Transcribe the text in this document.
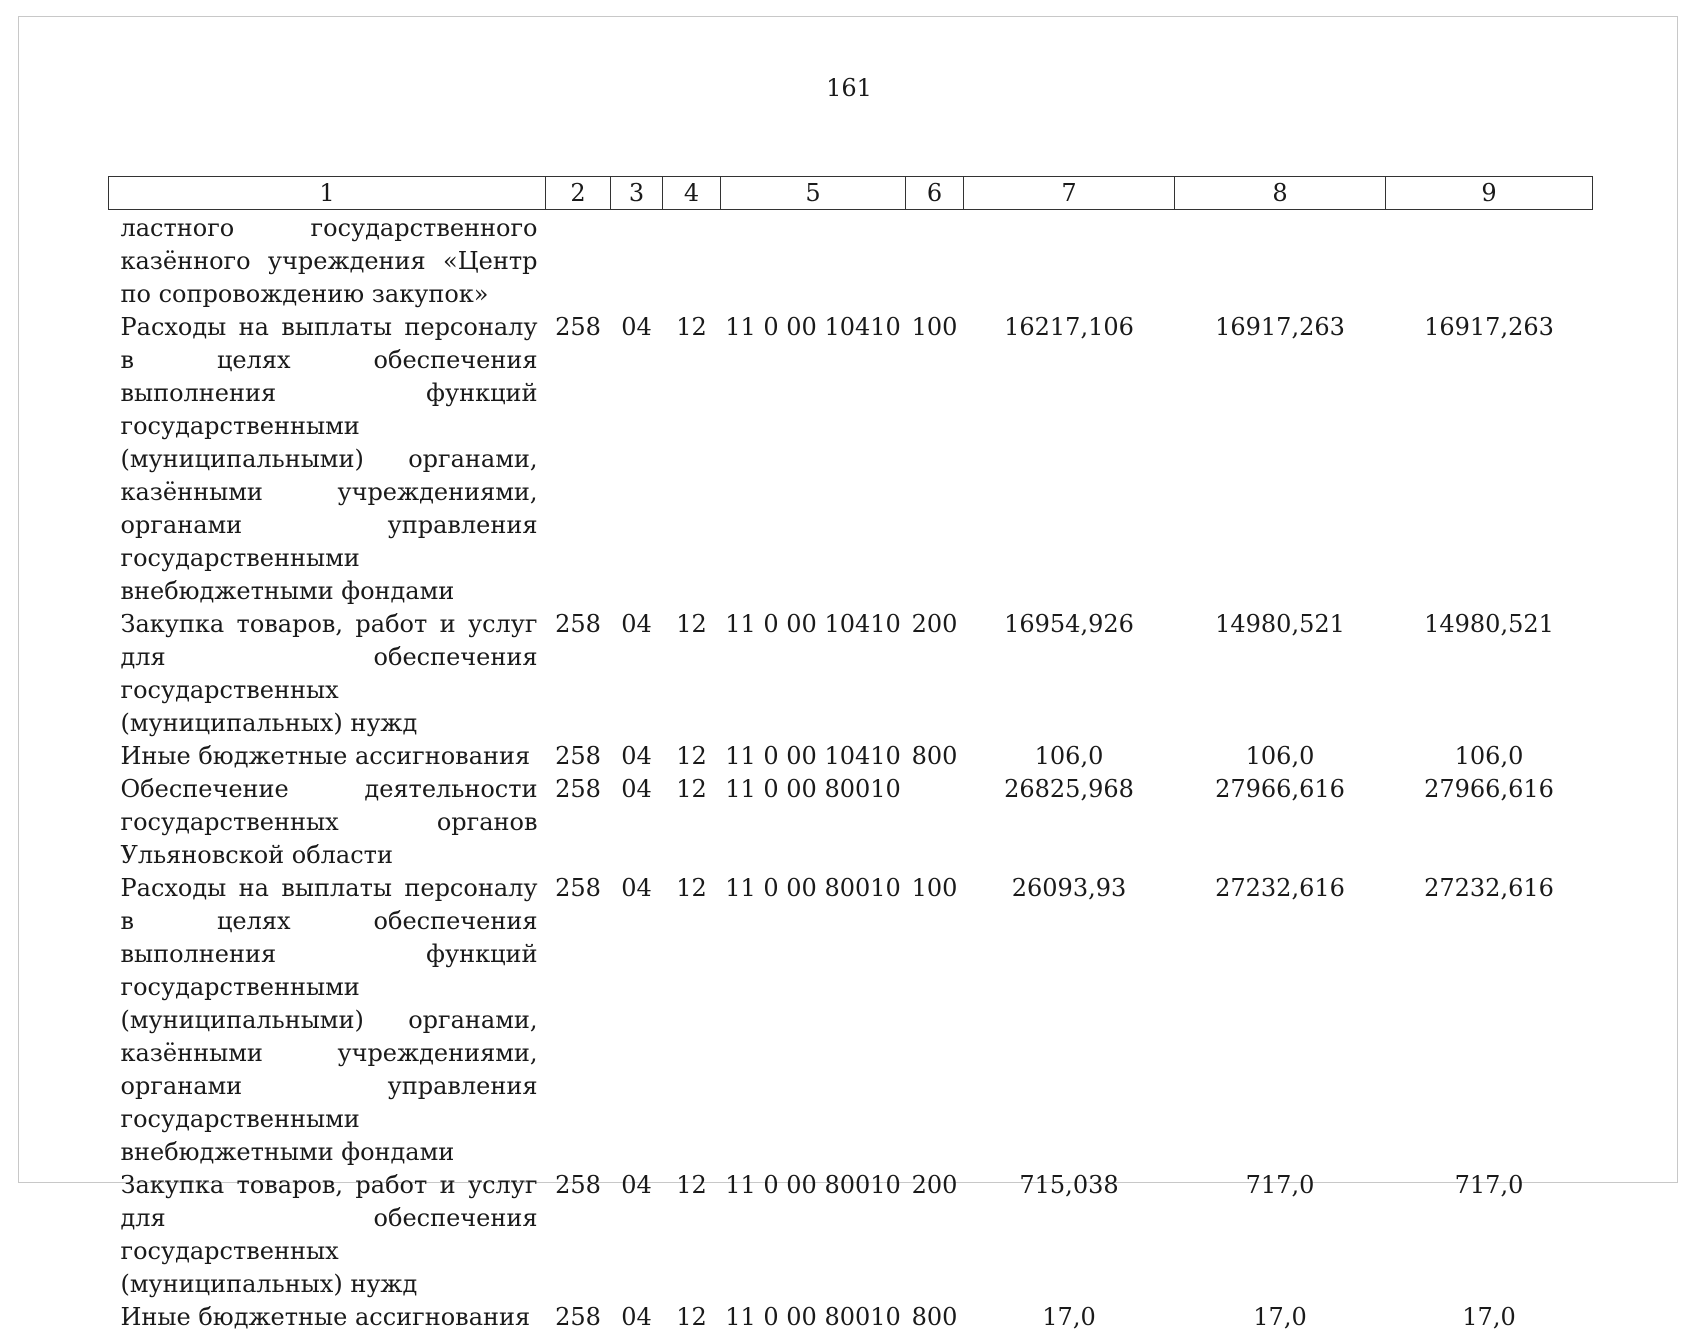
161
1	2	3	4	5	6	7	8	9
ластного государственного казённого учреждения «Центр по сопровождению закупок»								
Расходы на выплаты персоналу в целях обеспечения выполнения функций государственными (муниципальными) органами, казёнными учреждениями, органами управления государственными внебюджетными фондами	258	04	12	11 0 00 10410	100	16217,106	16917,263	16917,263
Закупка товаров, работ и услуг для обеспечения государственных (муниципальных) нужд	258	04	12	11 0 00 10410	200	16954,926	14980,521	14980,521
Иные бюджетные ассигнования	258	04	12	11 0 00 10410	800	106,0	106,0	106,0
Обеспечение деятельности государственных органов Ульяновской области	258	04	12	11 0 00 80010		26825,968	27966,616	27966,616
Расходы на выплаты персоналу в целях обеспечения выполнения функций государственными (муниципальными) органами, казёнными учреждениями, органами управления государственными внебюджетными фондами	258	04	12	11 0 00 80010	100	26093,93	27232,616	27232,616
Закупка товаров, работ и услуг для обеспечения государственных (муниципальных) нужд	258	04	12	11 0 00 80010	200	715,038	717,0	717,0
Иные бюджетные ассигнования	258	04	12	11 0 00 80010	800	17,0	17,0	17,0
